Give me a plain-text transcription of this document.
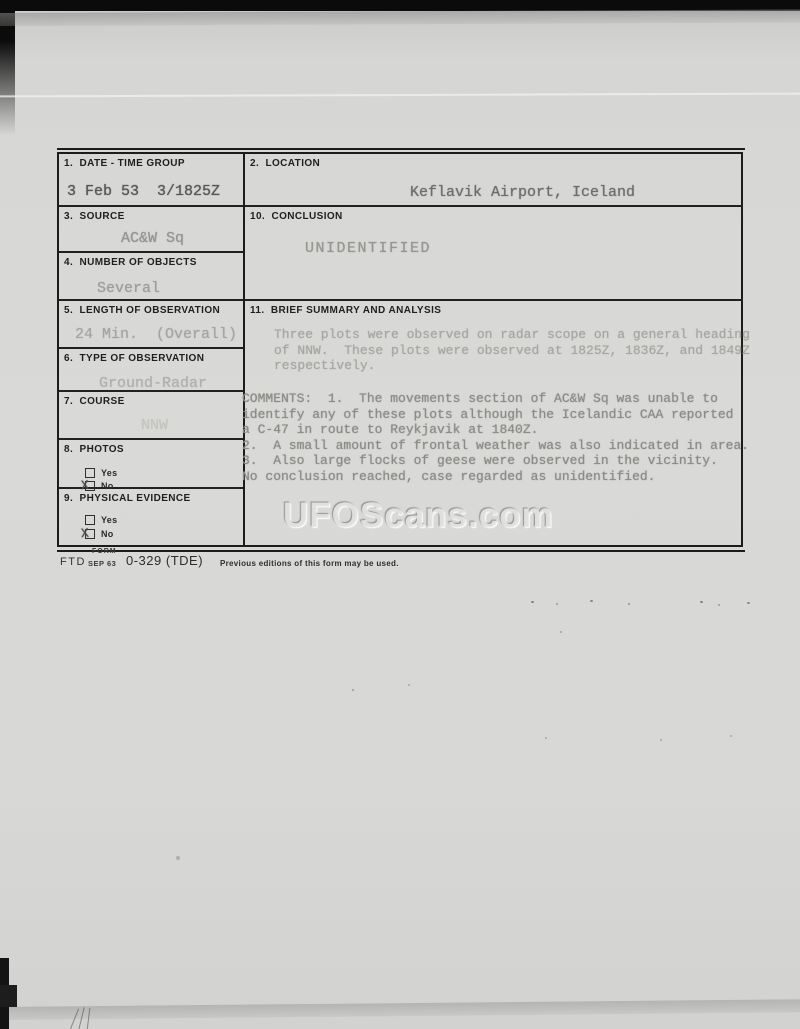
1.  DATE - TIME GROUP
3 Feb 53  3/1825Z
3.  SOURCE
AC&W Sq
4.  NUMBER OF OBJECTS
Several
5.  LENGTH OF OBSERVATION
24 Min.  (Overall)
6.  TYPE OF OBSERVATION
Ground-Radar
7.  COURSE
NNW
8.  PHOTOS
Yes
X No
9.  PHYSICAL EVIDENCE
Yes
X No
2.  LOCATION
Keflavik Airport, Iceland
10.  CONCLUSION
UNIDENTIFIED
11.  BRIEF SUMMARY AND ANALYSIS
Three plots were observed on radar scope on a general heading
of NNW.  These plots were observed at 1825Z, 1836Z, and 1849Z
respectively.
COMMENTS:  1.  The movements section of AC&W Sq was unable to
identify any of these plots although the Icelandic CAA reported
a C-47 in route to Reykjavik at 1840Z.
2.  A small amount of frontal weather was also indicated in area.
3.  Also large flocks of geese were observed in the vicinity.
No conclusion reached, case regarded as unidentified.
UFOScans.com
FTD
FORM
SEP 63 0-329 (TDE) Previous editions of this form may be used.
